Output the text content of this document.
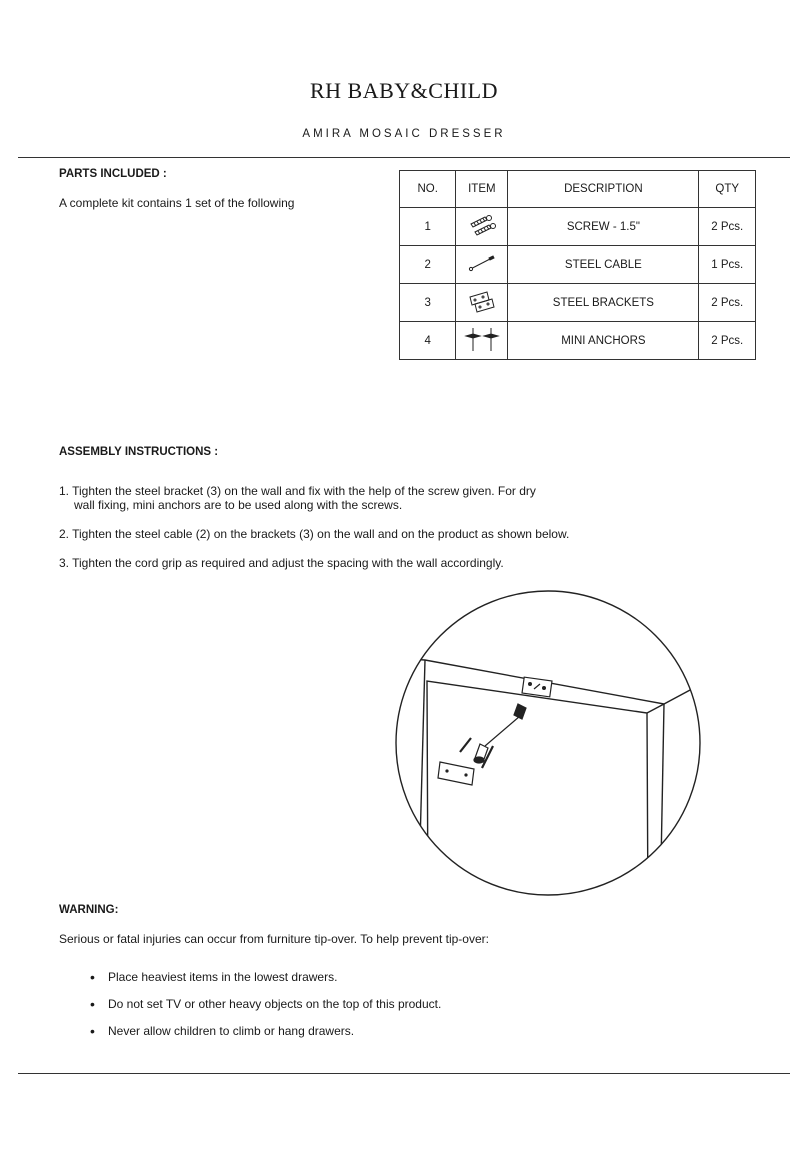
RH BABY&CHILD
AMIRA MOSAIC DRESSER
PARTS INCLUDED :
A complete kit contains 1 set of the following
NO.	ITEM	DESCRIPTION	QTY
1		SCREW - 1.5"	2 Pcs.
2		STEEL CABLE	1 Pcs.
3		STEEL BRACKETS	2 Pcs.
4		MINI ANCHORS	2 Pcs.
ASSEMBLY INSTRUCTIONS :
1. Tighten the steel bracket (3) on the wall and fix with the help of the screw given. For dry
wall fixing, mini anchors are to be used along with the screws.
2. Tighten the steel cable (2) on the brackets (3) on the wall and on the product as shown below.
3. Tighten the cord grip as required and adjust the spacing with the wall accordingly.
WARNING:
Serious or fatal injuries can occur from furniture tip-over. To help prevent tip-over:
• Place heaviest items in the lowest drawers.
• Do not set TV or other heavy objects on the top of this product.
• Never allow children to climb or hang drawers.
